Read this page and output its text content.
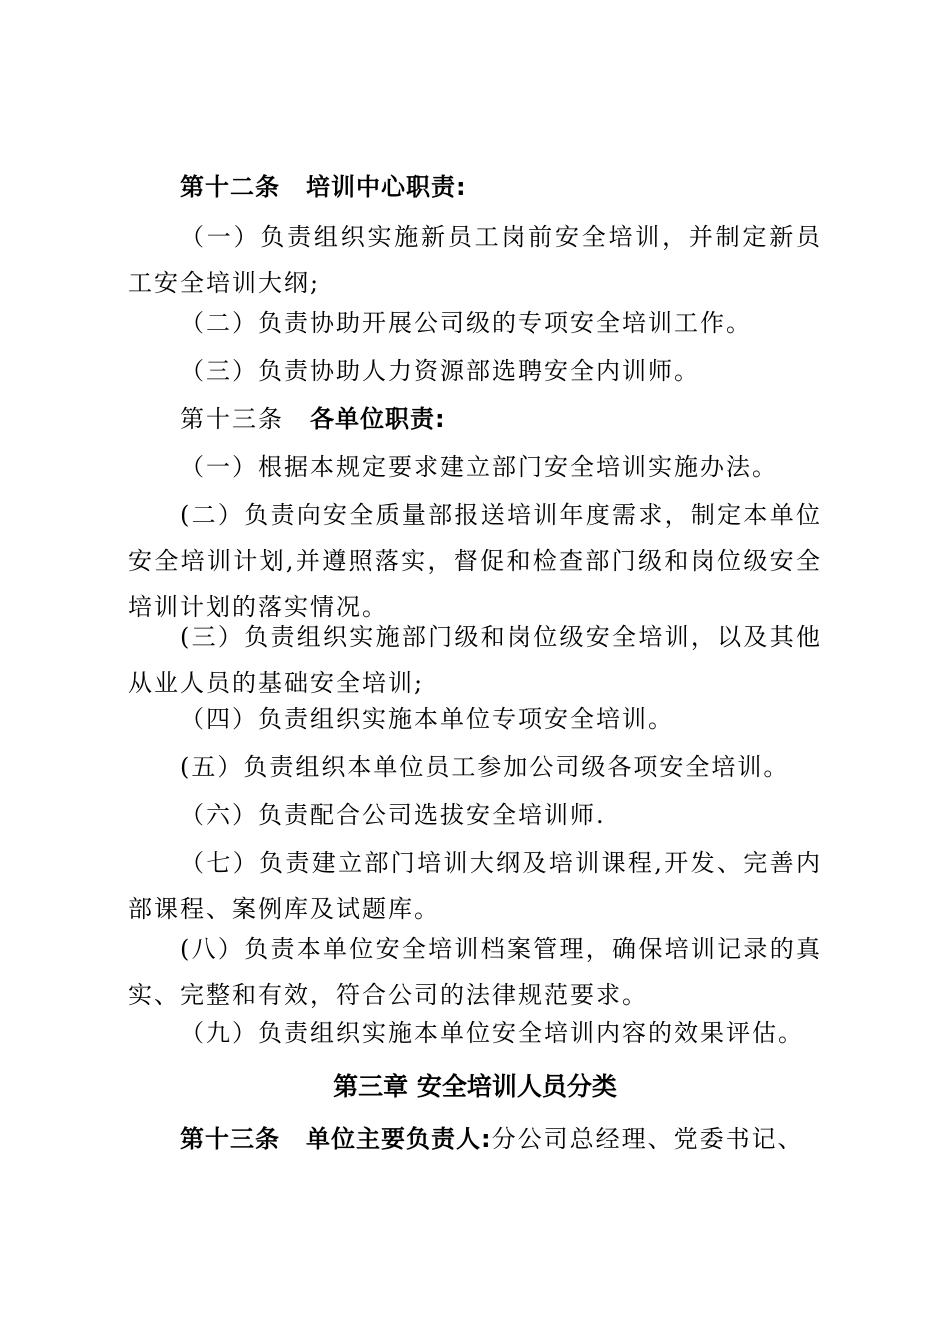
第十二条 培训中心职责:

（一）负责组织实施新员工岗前安全培训，并制定新员工安全培训大纲;

（二）负责协助开展公司级的专项安全培训工作。

（三）负责协助人力资源部选聘安全内训师。

第十三条 各单位职责:

（一）根据本规定要求建立部门安全培训实施办法。

(二）负责向安全质量部报送培训年度需求，制定本单位安全培训计划,并遵照落实，督促和检查部门级和岗位级安全培训计划的落实情况。

(三）负责组织实施部门级和岗位级安全培训，以及其他从业人员的基础安全培训;

（四）负责组织实施本单位专项安全培训。

(五）负责组织本单位员工参加公司级各项安全培训。

（六）负责配合公司选拔安全培训师.

（七）负责建立部门培训大纲及培训课程,开发、完善内部课程、案例库及试题库。

(八）负责本单位安全培训档案管理，确保培训记录的真实、完整和有效，符合公司的法律规范要求。

（九）负责组织实施本单位安全培训内容的效果评估。

第三章 安全培训人员分类

第十三条 单位主要负责人:分公司总经理、党委书记、
